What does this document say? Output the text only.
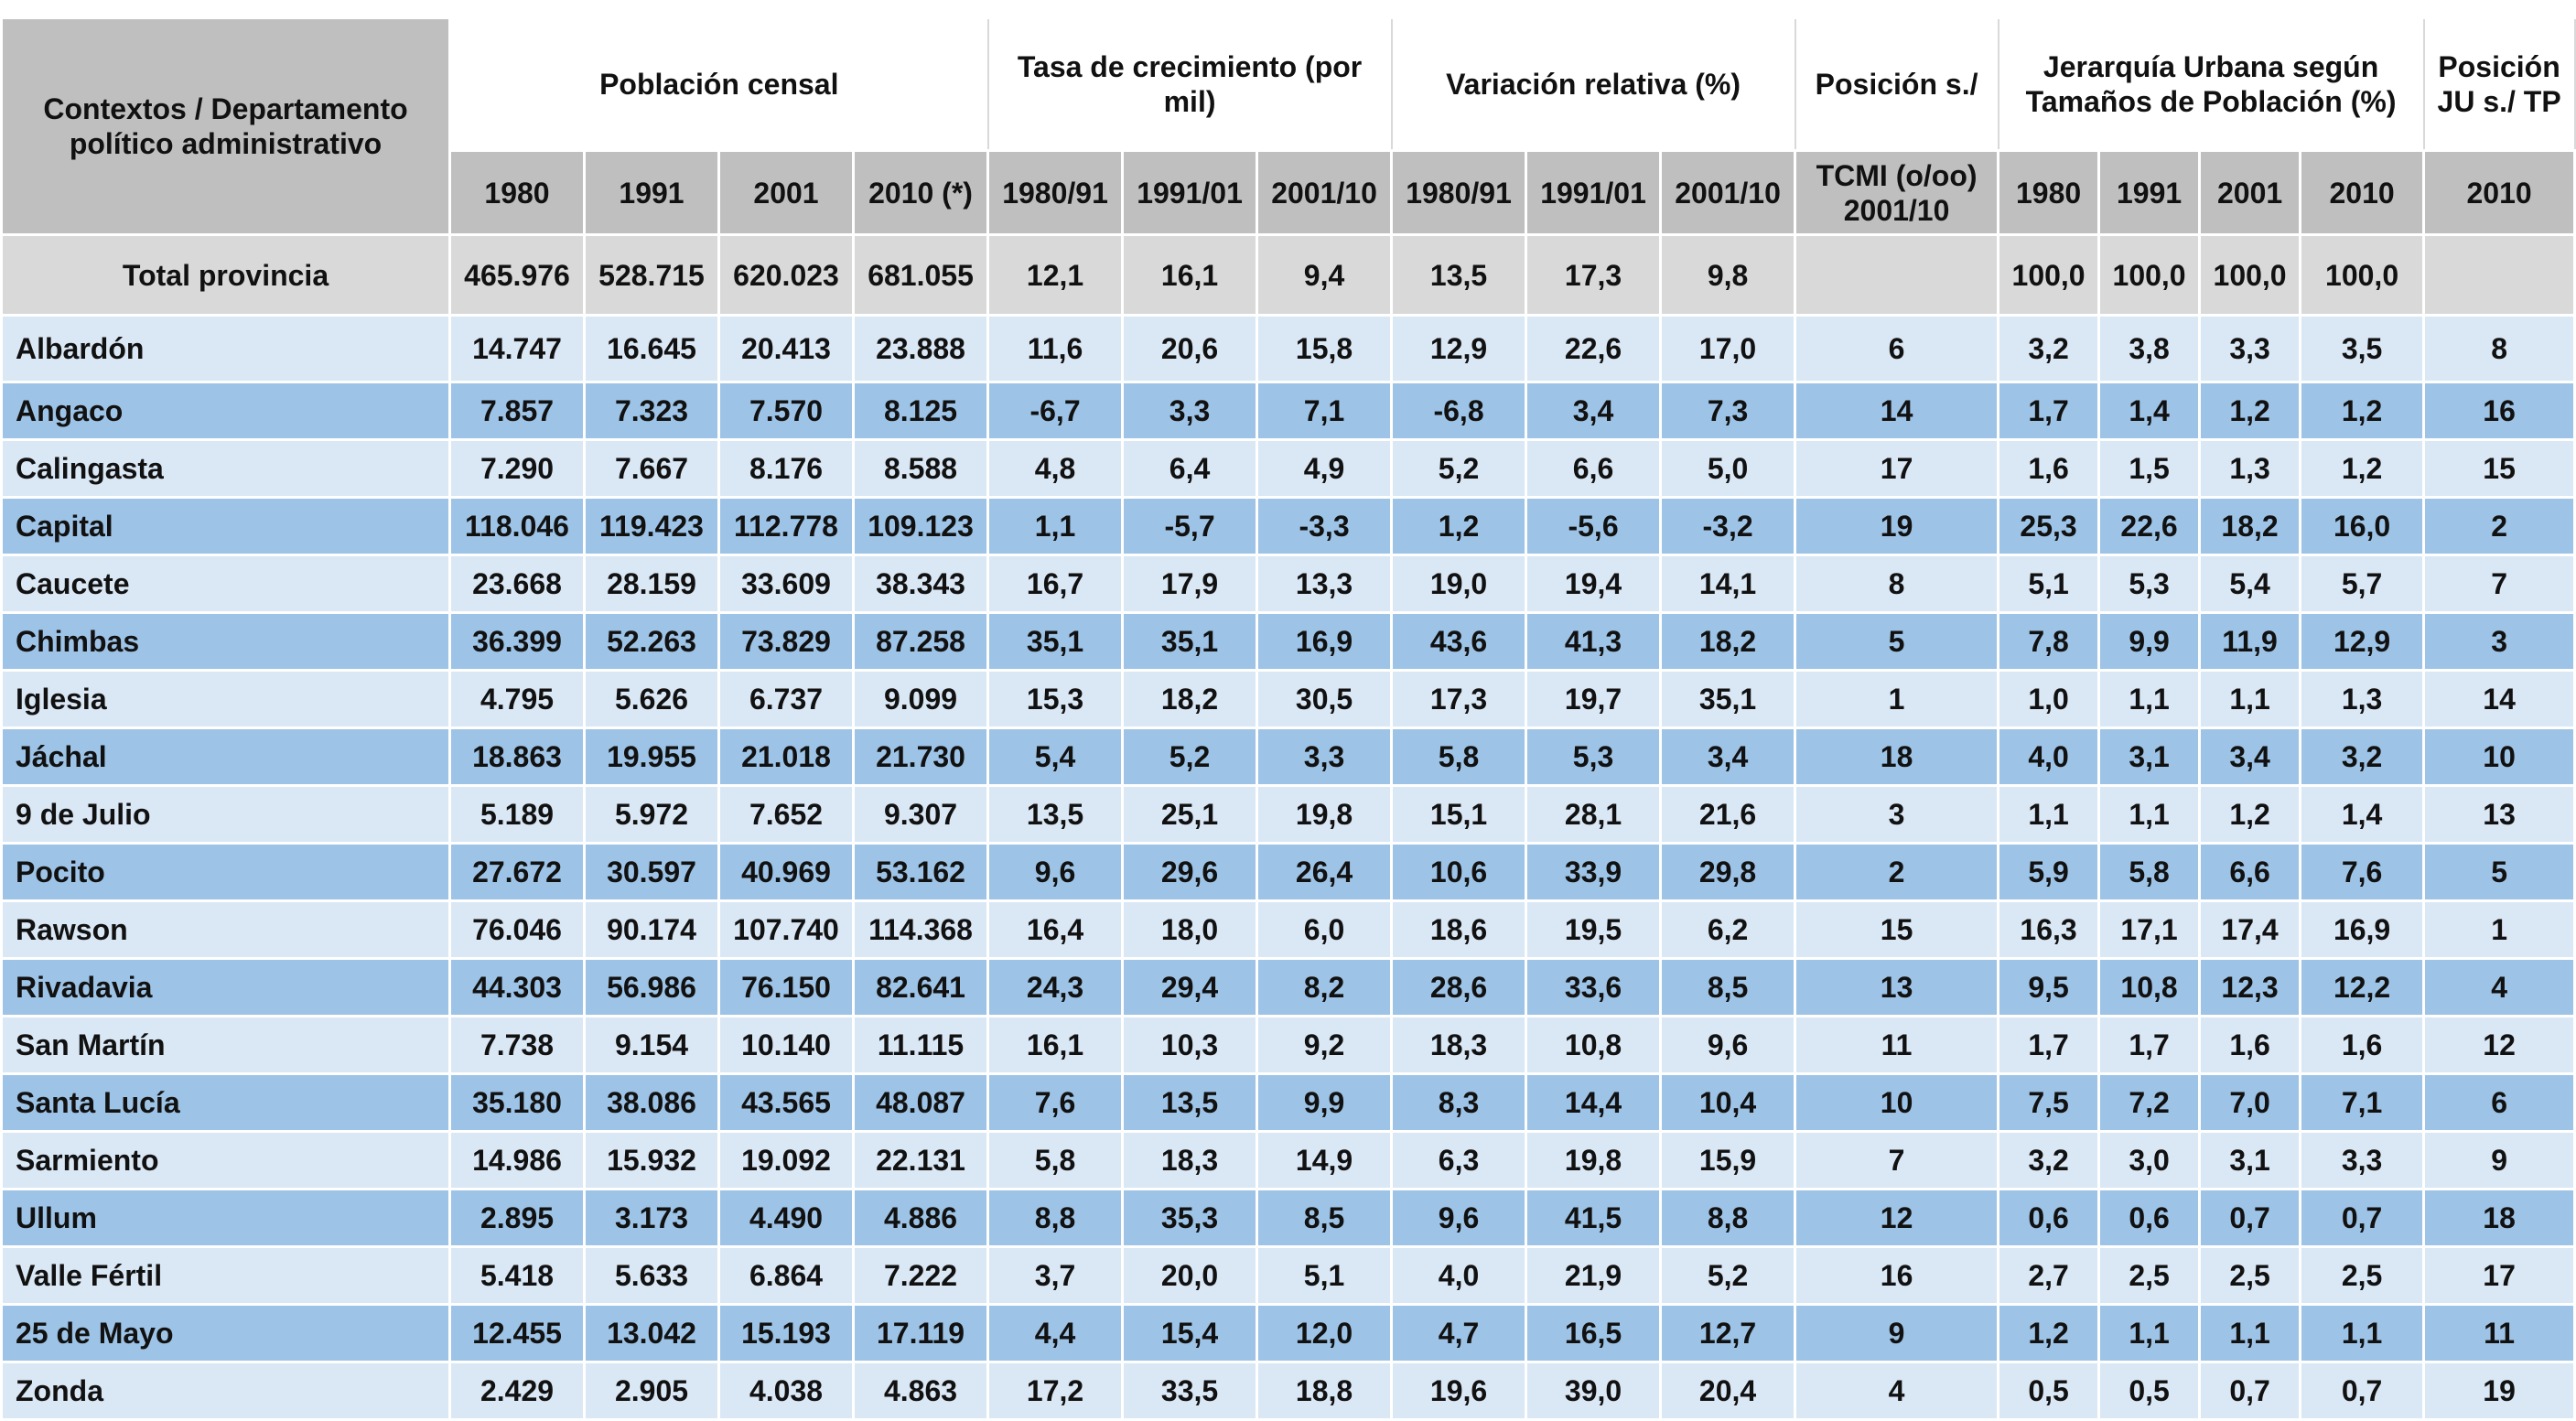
Contextos / Departamento político administrativo	Población censal				Tasa de crecimiento (por mil)			Variación relativa (%)			Posición s./	Jerarquía Urbana según Tamaños de Población (%)				Posición JU s./ TP
	1980	1991	2001	2010 (*)	1980/91	1991/01	2001/10	1980/91	1991/01	2001/10	TCMI (o/oo) 2001/10	1980	1991	2001	2010	2010
Total provincia	465.976	528.715	620.023	681.055	12,1	16,1	9,4	13,5	17,3	9,8		100,0	100,0	100,0	100,0	
Albardón	14.747	16.645	20.413	23.888	11,6	20,6	15,8	12,9	22,6	17,0	6	3,2	3,8	3,3	3,5	8
Angaco	7.857	7.323	7.570	8.125	-6,7	3,3	7,1	-6,8	3,4	7,3	14	1,7	1,4	1,2	1,2	16
Calingasta	7.290	7.667	8.176	8.588	4,8	6,4	4,9	5,2	6,6	5,0	17	1,6	1,5	1,3	1,2	15
Capital	118.046	119.423	112.778	109.123	1,1	-5,7	-3,3	1,2	-5,6	-3,2	19	25,3	22,6	18,2	16,0	2
Caucete	23.668	28.159	33.609	38.343	16,7	17,9	13,3	19,0	19,4	14,1	8	5,1	5,3	5,4	5,7	7
Chimbas	36.399	52.263	73.829	87.258	35,1	35,1	16,9	43,6	41,3	18,2	5	7,8	9,9	11,9	12,9	3
Iglesia	4.795	5.626	6.737	9.099	15,3	18,2	30,5	17,3	19,7	35,1	1	1,0	1,1	1,1	1,3	14
Jáchal	18.863	19.955	21.018	21.730	5,4	5,2	3,3	5,8	5,3	3,4	18	4,0	3,1	3,4	3,2	10
9 de Julio	5.189	5.972	7.652	9.307	13,5	25,1	19,8	15,1	28,1	21,6	3	1,1	1,1	1,2	1,4	13
Pocito	27.672	30.597	40.969	53.162	9,6	29,6	26,4	10,6	33,9	29,8	2	5,9	5,8	6,6	7,6	5
Rawson	76.046	90.174	107.740	114.368	16,4	18,0	6,0	18,6	19,5	6,2	15	16,3	17,1	17,4	16,9	1
Rivadavia	44.303	56.986	76.150	82.641	24,3	29,4	8,2	28,6	33,6	8,5	13	9,5	10,8	12,3	12,2	4
San Martín	7.738	9.154	10.140	11.115	16,1	10,3	9,2	18,3	10,8	9,6	11	1,7	1,7	1,6	1,6	12
Santa Lucía	35.180	38.086	43.565	48.087	7,6	13,5	9,9	8,3	14,4	10,4	10	7,5	7,2	7,0	7,1	6
Sarmiento	14.986	15.932	19.092	22.131	5,8	18,3	14,9	6,3	19,8	15,9	7	3,2	3,0	3,1	3,3	9
Ullum	2.895	3.173	4.490	4.886	8,8	35,3	8,5	9,6	41,5	8,8	12	0,6	0,6	0,7	0,7	18
Valle Fértil	5.418	5.633	6.864	7.222	3,7	20,0	5,1	4,0	21,9	5,2	16	2,7	2,5	2,5	2,5	17
25 de Mayo	12.455	13.042	15.193	17.119	4,4	15,4	12,0	4,7	16,5	12,7	9	1,2	1,1	1,1	1,1	11
Zonda	2.429	2.905	4.038	4.863	17,2	33,5	18,8	19,6	39,0	20,4	4	0,5	0,5	0,7	0,7	19
